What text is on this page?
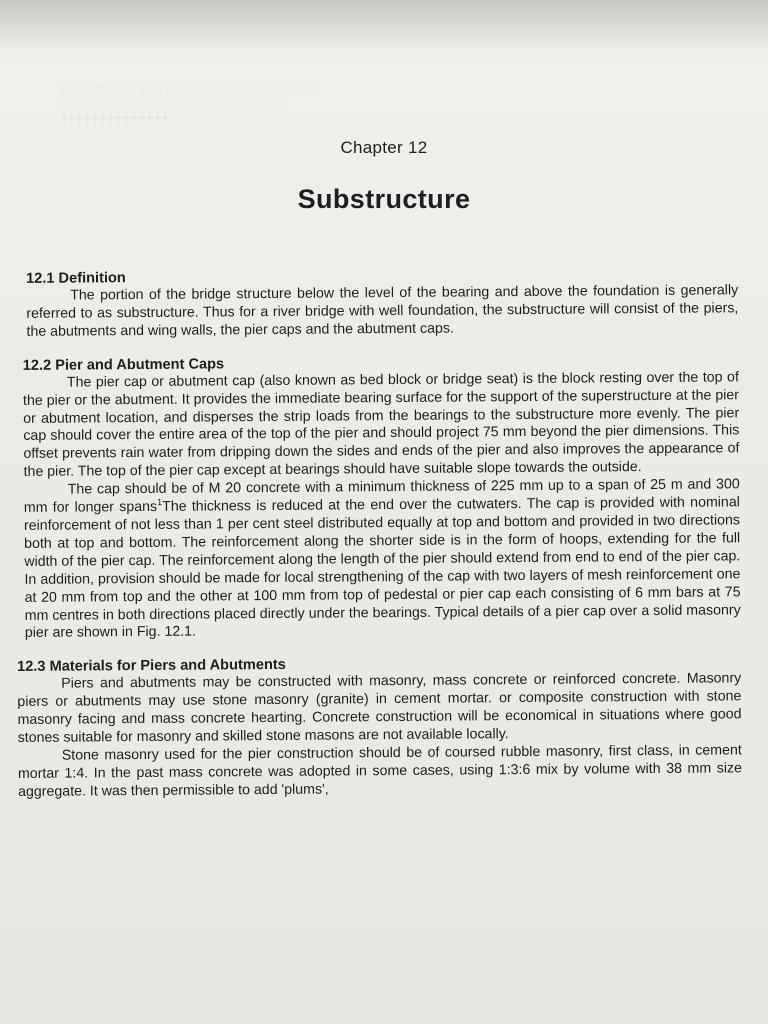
░░░ ░░░░ ░░ ░░░ ░░░░░░ ░░░ ░░░░░ ░░░░
░░░░ ░░░░ ░░░░░░ ░░ ░░░░░ ░░░ ░░░
┼┼┼┼┼┼┼┼┼┼┼┼┼┼
Chapter 12
Substructure
12.1 Definition

The portion of the bridge structure below the level of the bearing and above the foundation is generally referred to as substructure. Thus for a river bridge with well foundation, the substructure will consist of the piers, the abutments and wing walls, the pier caps and the abutment caps.

12.2 Pier and Abutment Caps

The pier cap or abutment cap (also known as bed block or bridge seat) is the block resting over the top of the pier or the abutment. It provides the immediate bearing surface for the support of the superstructure at the pier or abutment location, and disperses the strip loads from the bearings to the substructure more evenly. The pier cap should cover the entire area of the top of the pier and should project 75 mm beyond the pier dimensions. This offset prevents rain water from dripping down the sides and ends of the pier and also improves the appearance of the pier. The top of the pier cap except at bearings should have suitable slope towards the outside.

The cap should be of M 20 concrete with a minimum thickness of 225 mm up to a span of 25 m and 300 mm for longer spans$^1$The thickness is reduced at the end over the cutwaters. The cap is provided with nominal reinforcement of not less than 1 per cent steel distributed equally at top and bottom and provided in two directions both at top and bottom. The reinforcement along the shorter side is in the form of hoops, extending for the full width of the pier cap. The reinforcement along the length of the pier should extend from end to end of the pier cap. In addition, provision should be made for local strengthening of the cap with two layers of mesh reinforcement one at 20 mm from top and the other at 100 mm from top of pedestal or pier cap each consisting of 6 mm bars at 75 mm centres in both directions placed directly under the bearings. Typical details of a pier cap over a solid masonry pier are shown in Fig. 12.1.

12.3 Materials for Piers and Abutments

Piers and abutments may be constructed with masonry, mass concrete or reinforced concrete. Masonry piers or abutments may use stone masonry (granite) in cement mortar. or composite construction with stone masonry facing and mass concrete hearting. Concrete construction will be economical in situations where good stones suitable for masonry and skilled stone masons are not available locally.

Stone masonry used for the pier construction should be of coursed rubble masonry, first class, in cement mortar 1:4. In the past mass concrete was adopted in some cases, using 1:3:6 mix by volume with 38 mm size aggregate. It was then permissible to add 'plums',
